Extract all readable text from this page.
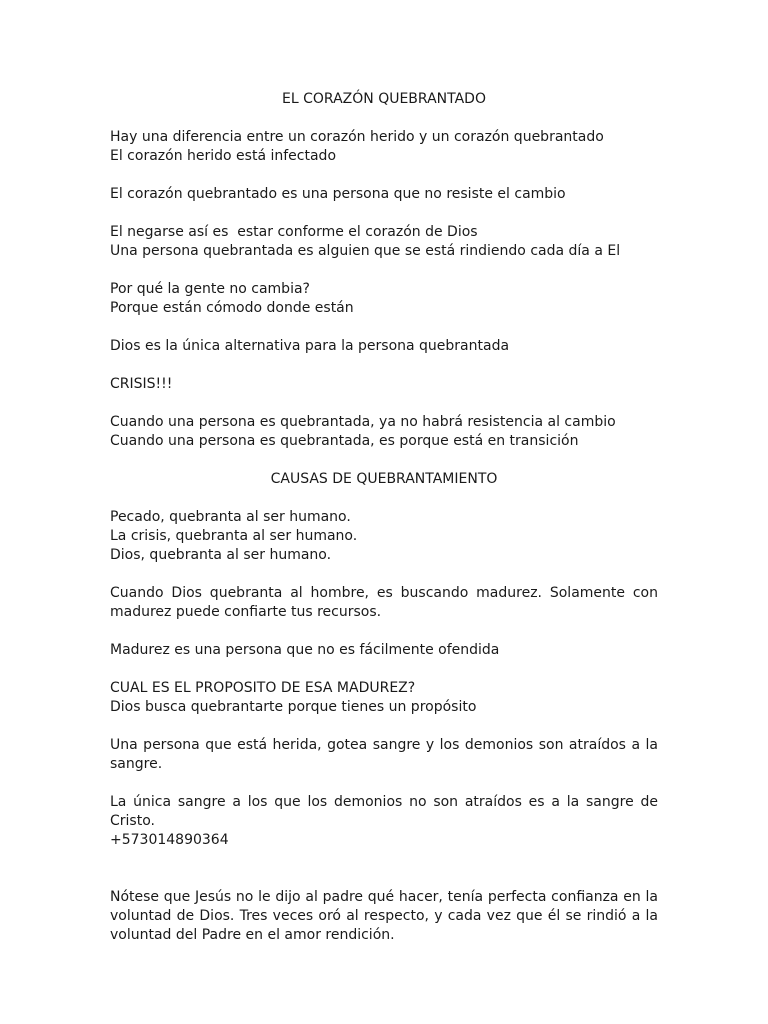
EL CORAZÓN QUEBRANTADO
Hay una diferencia entre un corazón herido y un corazón quebrantado
El corazón herido está infectado
El corazón quebrantado es una persona que no resiste el cambio
El negarse así es  estar conforme el corazón de Dios
Una persona quebrantada es alguien que se está rindiendo cada día a El
Por qué la gente no cambia?
Porque están cómodo donde están
Dios es la única alternativa para la persona quebrantada
CRISIS!!!
Cuando una persona es quebrantada, ya no habrá resistencia al cambio
Cuando una persona es quebrantada, es porque está en transición
CAUSAS DE QUEBRANTAMIENTO
Pecado, quebranta al ser humano.
La crisis, quebranta al ser humano.
Dios, quebranta al ser humano.
Cuando Dios quebranta al hombre, es buscando madurez. Solamente con madurez puede confiarte tus recursos.
Madurez es una persona que no es fácilmente ofendida
CUAL ES EL PROPOSITO DE ESA MADUREZ?
Dios busca quebrantarte porque tienes un propósito
Una persona que está herida, gotea sangre y los demonios son atraídos a la sangre.
La única sangre a los que los demonios no son atraídos es a la sangre de Cristo.
+573014890364
Nótese que Jesús no le dijo al padre qué hacer, tenía perfecta confianza en la voluntad de Dios. Tres veces oró al respecto, y cada vez que él se rindió a la voluntad del Padre en el amor rendición.
